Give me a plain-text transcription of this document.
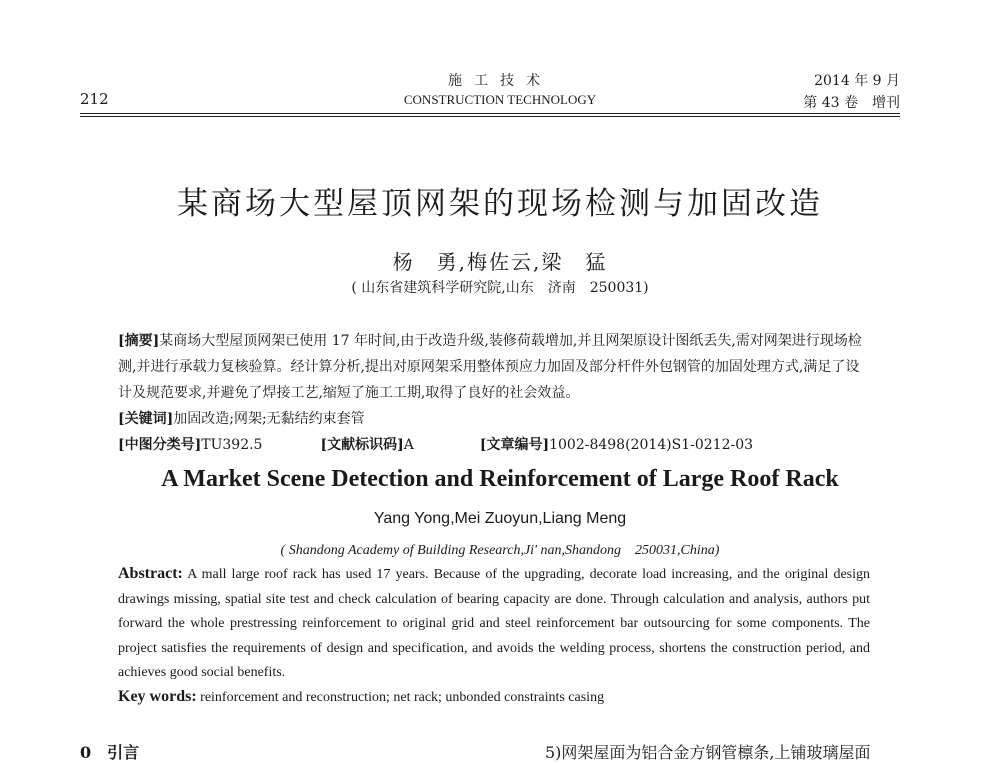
212
施工技术
CONSTRUCTION TECHNOLOGY
2014 年 9 月
第 43 卷　增刊
某商场大型屋顶网架的现场检测与加固改造
杨　勇,梅佐云,梁　猛
( 山东省建筑科学研究院,山东　济南　250031)
[摘要]某商场大型屋顶网架已使用 17 年时间,由于改造升级,装修荷载增加,并且网架原设计图纸丢失,需对网架进行现场检测,并进行承载力复核验算。经计算分析,提出对原网架采用整体预应力加固及部分杆件外包钢管的加固处理方式,满足了设计及规范要求,并避免了焊接工艺,缩短了施工工期,取得了良好的社会效益。
[关键词]加固改造;网架;无黏结约束套管
[中图分类号]TU392.5	[文献标识码]A	[文章编号]1002-8498(2014)S1-0212-03
A Market Scene Detection and Reinforcement of Large Roof Rack
Yang Yong,Mei Zuoyun,Liang Meng
( Shandong Academy of Building Research,Ji' nan,Shandong　250031,China)
Abstract: A mall large roof rack has used 17 years. Because of the upgrading, decorate load increasing, and the original design drawings missing, spatial site test and check calculation of bearing capacity are done. Through calculation and analysis, authors put forward the whole prestressing reinforcement to original grid and steel reinforcement bar outsourcing for some components. The project satisfies the requirements of design and specification, and avoids the welding process, shortens the construction period, and achieves good social benefits.
Key words: reinforcement and reconstruction; net rack; unbonded constraints casing
0　引言	5)网架屋面为铝合金方钢管檩条,上铺玻璃屋面
